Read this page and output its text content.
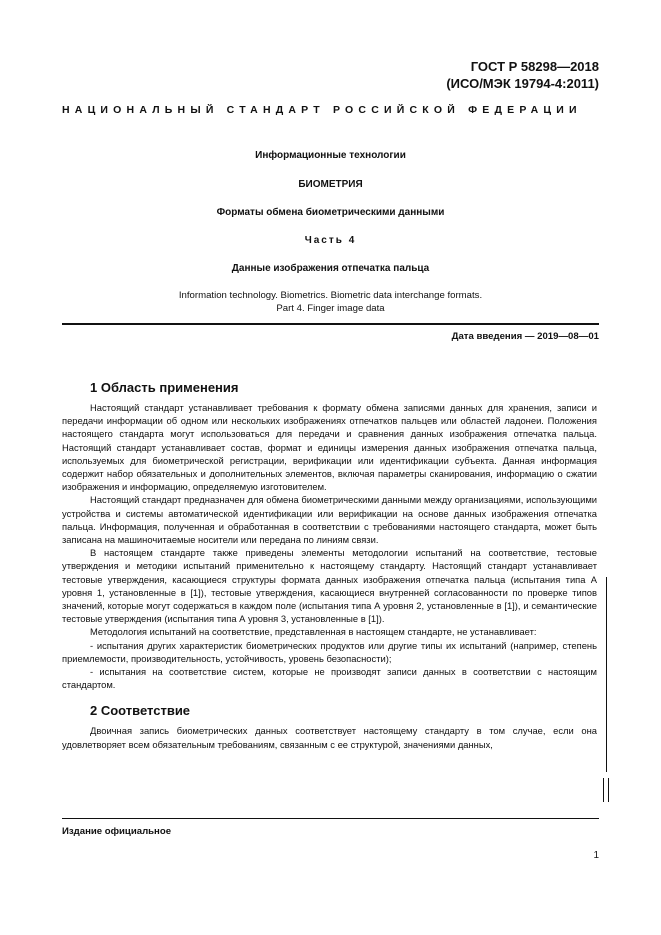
ГОСТ Р 58298—2018
(ИСО/МЭК 19794-4:2011)
НАЦИОНАЛЬНЫЙ СТАНДАРТ РОССИЙСКОЙ ФЕДЕРАЦИИ
Информационные технологии
БИОМЕТРИЯ
Форматы обмена биометрическими данными
Часть 4
Данные изображения отпечатка пальца
Information technology. Biometrics. Biometric data interchange formats.
Part 4. Finger image data
Дата введения — 2019—08—01
1 Область применения

Настоящий стандарт устанавливает требования к формату обмена записями данных для хранения, записи и передачи информации об одном или нескольких изображениях отпечатков пальцев или областей ладонеи. Положения настоящего стандарта могут использоваться для передачи и сравнения данных изображения отпечатка пальца. Настоящий стандарт устанавливает состав, формат и единицы измерения данных изображения отпечатка пальца, используемых для биометрической регистрации, верификации или идентификации субъекта. Данная информация содержит набор обязательных и дополнительных элементов, включая параметры сканирования, информацию о сжатии изображения и информацию, определяемую изготовителем.

Настоящий стандарт предназначен для обмена биометрическими данными между организациями, использующими устройства и системы автоматической идентификации или верификации на основе данных изображения отпечатка пальца. Информация, полученная и обработанная в соответствии с требованиями настоящего стандарта, может быть записана на машиночитаемые носители или передана по линиям связи.

В настоящем стандарте также приведены элементы методологии испытаний на соответствие, тестовые утверждения и методики испытаний применительно к настоящему стандарту. Настоящий стандарт устанавливает тестовые утверждения, касающиеся структуры формата данных изображения отпечатка пальца (испытания типа А уровня 1, установленные в [1]), тестовые утверждения, касающиеся внутренней согласованности по проверке типов значений, которые могут содержаться в каждом поле (испытания типа А уровня 2, установленные в [1]), и семантические тестовые утверждения (испытания типа А уровня 3, установленные в [1]).

Методология испытаний на соответствие, представленная в настоящем стандарте, не устанавливает:

- испытания других характеристик биометрических продуктов или другие типы их испытаний (например, степень приемлемости, производительность, устойчивость, уровень безопасности);

- испытания на соответствие систем, которые не производят записи данных в соответствии с настоящим стандартом.

2 Соответствие

Двоичная запись биометрических данных соответствует настоящему стандарту в том случае, если она удовлетворяет всем обязательным требованиям, связанным с ее структурой, значениями данных,

Издание официальное
1
